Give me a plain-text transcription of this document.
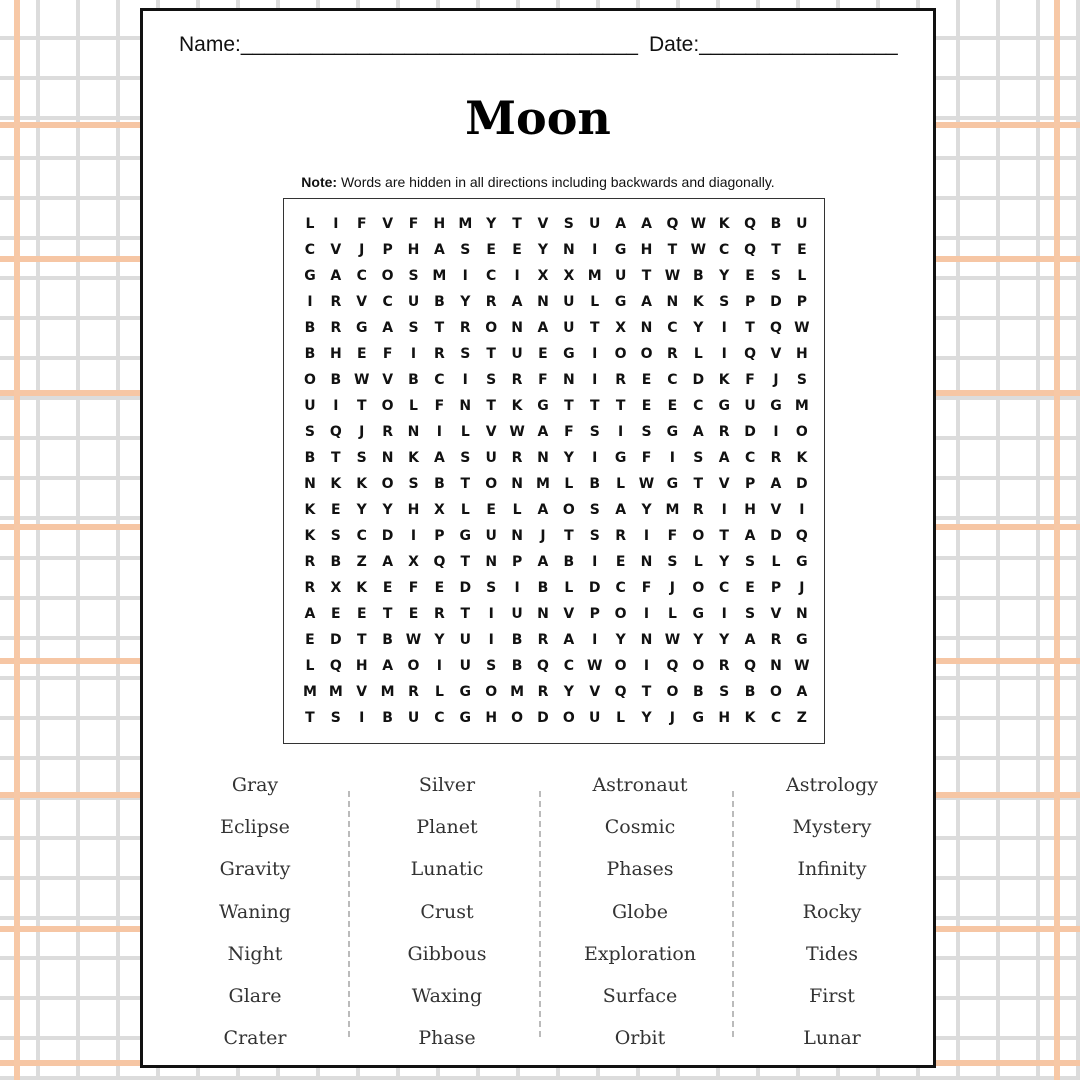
Name:__________________________________ Date:_________________
Moon
Note: Words are hidden in all directions including backwards and diagonally.
L	I	F	V	F	H M Y	T	V	S	U	A	A	Q W K	Q	B	U
C	V	J	P	H	A	S	E	E	Y	N	I	G	H	T W C	Q	T	E
G	A	C	O	S M	I	C	I	X	X M U	T W B	Y	E	S	L
I	R	V	C	U	B	Y	R	A	N	U	L	G	A	N	K	S	P	D	P
B	R	G	A	S	T	R	O	N	A	U	T	X	N	C	Y	I	T	Q W
B	H	E	F	I	R	S	T	U	E	G	I	O O	R	L	I	Q	V	H
O	B W V	B	C	I	S	R	F	N	I	R	E	C	D	K	F	J	S
U	I	T	O	L	F	N	T	K	G	T	T	T	E	E	C	G	U	G M
S	Q	J	R	N	I	L	V W A	F	S	I	S	G	A	R	D	I	O
B	T	S	N	K	A	S	U	R	N	Y	I	G	F	I	S	A	C	R	K
N	K	K	O	S	B	T	O	N M	L	B	L W G	T	V	P	A	D
K	E	Y	Y	H	X	L	E	L	A	O	S	A	Y M R	I	H	V	I
K	S	C	D	I	P	G	U	N	J	T	S	R	I	F	O	T	A	D	Q
R	B	Z	A	X	Q	T	N	P	A	B	I	E	N	S	L	Y	S	L	G
R	X	K	E	F	E	D	S	I	B	L	D	C	F	J	O	C	E	P	J
A	E	E	T	E	R	T	I	U	N	V	P	O	I	L	G	I	S	V	N
E	D	T	B W Y	U	I	B	R	A	I	Y	N W Y	Y	A	R	G
L	Q	H	A	O	I	U	S	B	Q	C W O	I	Q O	R	Q	N W
M M V M R	L	G	O M R	Y	V	Q	T	O	B	S	B	O	A
T	S	I	B	U	C	G	H	O	D	O	U	L	Y	J	G	H	K	C	Z
Gray
Eclipse
Gravity
Waning
Night
Glare
Crater
Silver
Planet
Lunatic
Crust
Gibbous
Waxing
Phase
Astronaut
Cosmic
Phases
Globe
Exploration
Surface
Orbit
Astrology
Mystery
Infinity
Rocky
Tides
First
Lunar
